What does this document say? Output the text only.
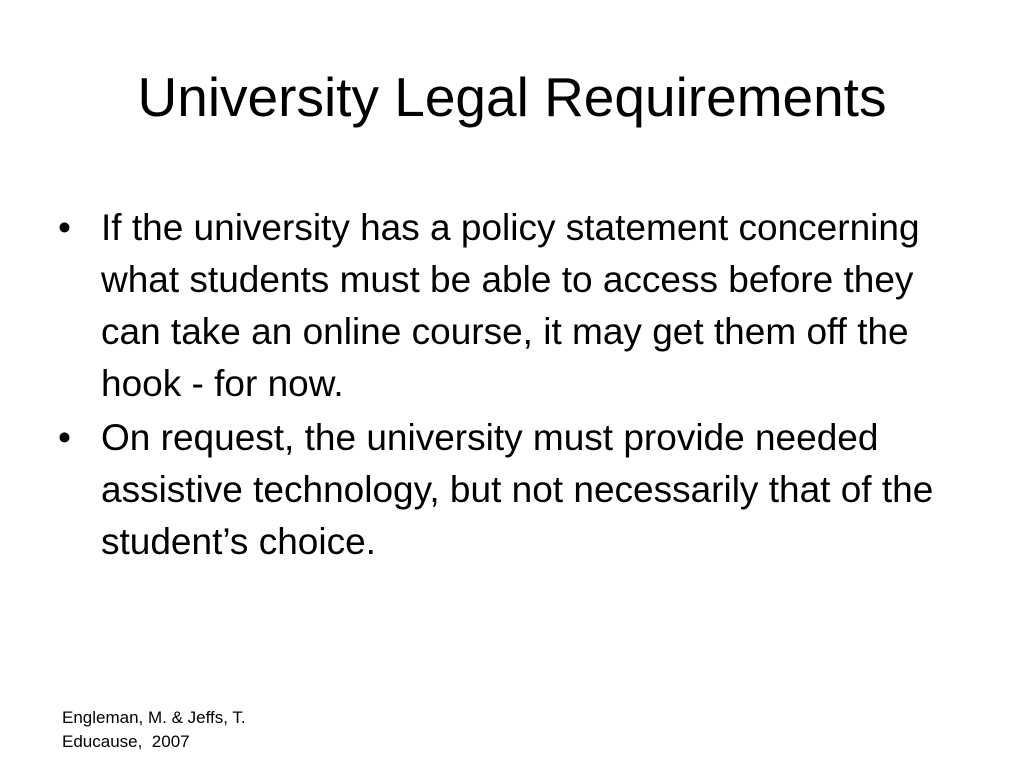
University Legal Requirements
• If the university has a policy statement concerning what students must be able to access before they can take an online course, it may get them off the hook - for now.
• On request, the university must provide needed assistive technology, but not necessarily that of the student’s choice.
Engleman, M. & Jeffs, T.
Educause,  2007
